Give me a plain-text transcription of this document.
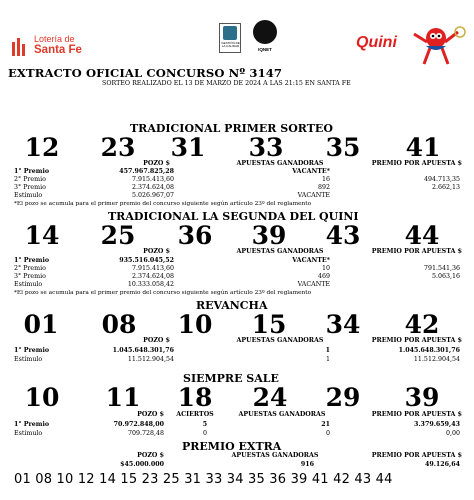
Lotería de
Santa Fe
GESTIÓN DE LA CALIDAD
IQNET	Quini
EXTRACTO OFICIAL CONCURSO Nº 3147
SORTEO REALIZADO EL 13 DE MARZO DE 2024 A LAS 21:15 EN SANTA FE
TRADICIONAL PRIMER SORTEO
12	23	31	33	35	41
POZO $	APUESTAS GANADORAS	PREMIO POR APUESTA $
1° Premio	457.967.825,28	VACANTE*
2° Premio	7.915.413,60	16	494.713,35
3° Premio	2.374.624,08	892	2.662,13
Estímulo	5.026.967,07	VACANTE
*El pozo se acumula para el primer premio del concurso siguiente según artículo 23º del reglamento
TRADICIONAL LA SEGUNDA DEL QUINI
14	25	36	39	43	44
POZO $	APUESTAS GANADORAS	PREMIO POR APUESTA $
1° Premio	935.516.045,52	VACANTE*
2° Premio	7.915.413,60	10	791.541,36
3° Premio	2.374.624,08	469	5.063,16
Estímulo	10.333.058,42	VACANTE
*El pozo se acumula para el primer premio del concurso siguiente según artículo 23º del reglamento
REVANCHA
01	08	10	15	34	42
POZO $	APUESTAS GANADORAS	PREMIO POR APUESTA $
1° Premio	1.045.648.301,76	1	1.045.648.301,76
Estímulo	11.512.904,54	1	11.512.904,54
SIEMPRE SALE
10	11	18	24	29	39
POZO $	ACIERTOS	APUESTAS GANADORAS	PREMIO POR APUESTA $
1° Premio	70.972.848,00	5	21	3.379.659,43
Estímulo	709.728,48	0	0	0,00
PREMIO EXTRA
POZO $	APUESTAS GANADORAS	PREMIO POR APUESTA $
$45.000.000	916	49.126,64
01 08 10 12 14 15 23 25 31 33 34 35 36 39 41 42 43 44
